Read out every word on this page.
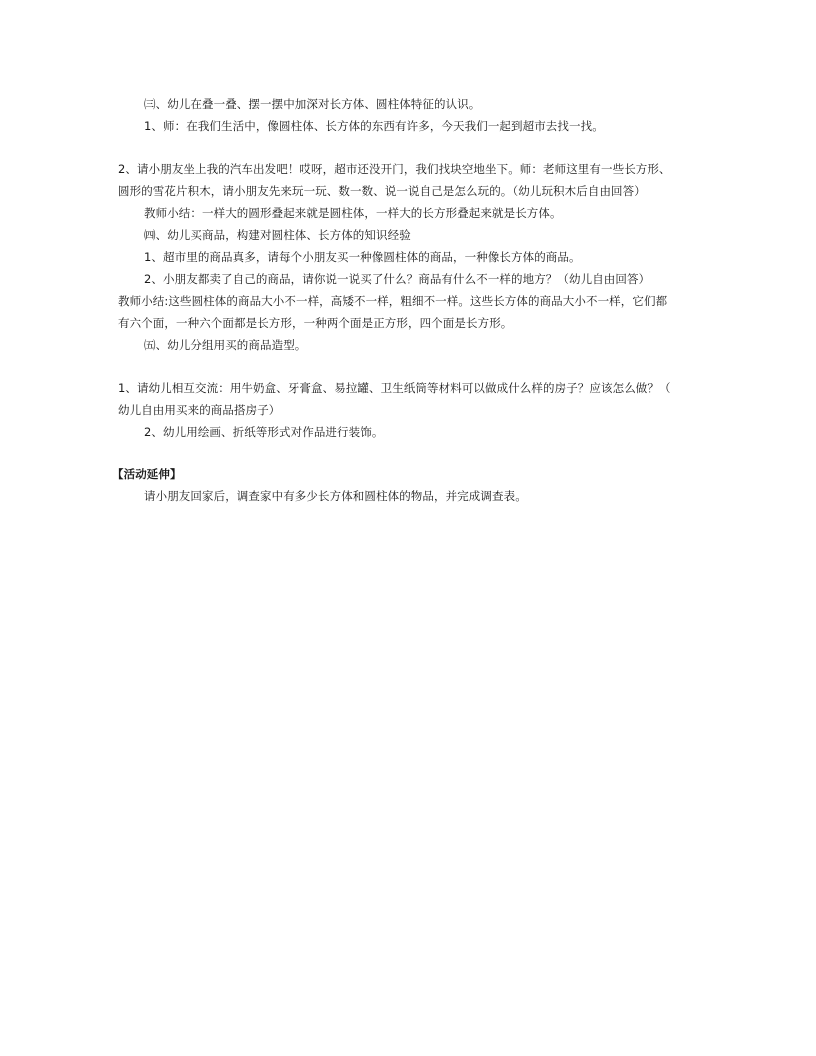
㈢、幼儿在叠一叠、摆一摆中加深对长方体、圆柱体特征的认识。
1、师：在我们生活中，像圆柱体、长方体的东西有许多，今天我们一起到超市去找一找。
2、请小朋友坐上我的汽车出发吧！哎呀，超市还没开门，我们找块空地坐下。师：老师这里有一些长方形、
圆形的雪花片积木，请小朋友先来玩一玩、数一数、说一说自己是怎么玩的。（幼儿玩积木后自由回答）
教师小结：一样大的圆形叠起来就是圆柱体，一样大的长方形叠起来就是长方体。
㈣、幼儿买商品，构建对圆柱体、长方体的知识经验
1、超市里的商品真多，请每个小朋友买一种像圆柱体的商品，一种像长方体的商品。
2、小朋友都卖了自己的商品，请你说一说买了什么？商品有什么不一样的地方？（幼儿自由回答）
教师小结:这些圆柱体的商品大小不一样，高矮不一样，粗细不一样。这些长方体的商品大小不一样，它们都
有六个面，一种六个面都是长方形，一种两个面是正方形，四个面是长方形。
㈤、幼儿分组用买的商品造型。
1、请幼儿相互交流：用牛奶盒、牙膏盒、易拉罐、卫生纸筒等材料可以做成什么样的房子？应该怎么做？（
幼儿自由用买来的商品搭房子）
2、幼儿用绘画、折纸等形式对作品进行装饰。
【活动延伸】
请小朋友回家后，调查家中有多少长方体和圆柱体的物品，并完成调查表。
